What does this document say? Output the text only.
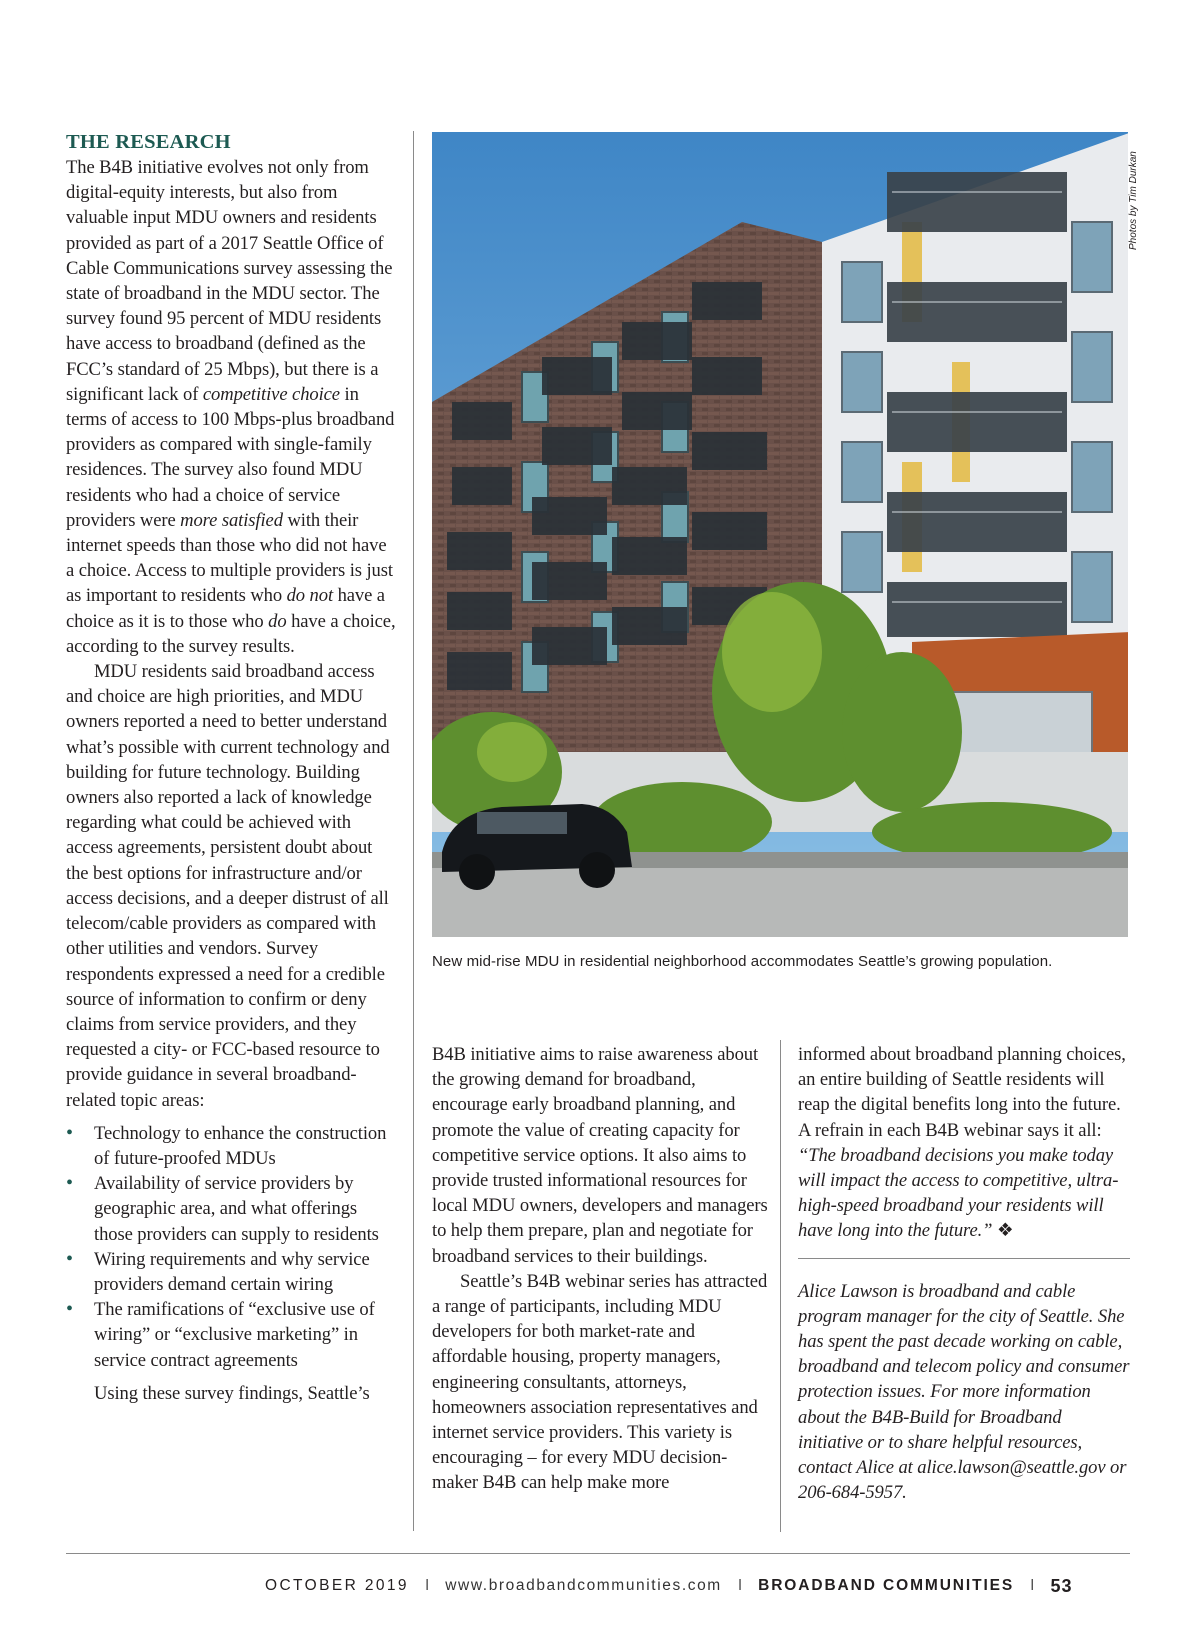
THE RESEARCH

The B4B initiative evolves not only from digital-equity interests, but also from valuable input MDU owners and residents provided as part of a 2017 Seattle Office of Cable Communications survey assessing the state of broadband in the MDU sector. The survey found 95 percent of MDU residents have access to broadband (defined as the FCC’s standard of 25 Mbps), but there is a significant lack of competitive choice in terms of access to 100 Mbps-plus broadband providers as compared with single-family residences. The survey also found MDU residents who had a choice of service providers were more satisfied with their internet speeds than those who did not have a choice. Access to multiple providers is just as important to residents who do not have a choice as it is to those who do have a choice, according to the survey results.

MDU residents said broadband access and choice are high priorities, and MDU owners reported a need to better understand what’s possible with current technology and building for future technology. Building owners also reported a lack of knowledge regarding what could be achieved with access agreements, persistent doubt about the best options for infrastructure and/or access decisions, and a deeper distrust of all telecom/cable providers as compared with other utilities and vendors. Survey respondents expressed a need for a credible source of information to confirm or deny claims from service providers, and they requested a city- or FCC-based resource to provide guidance in several broadband-related topic areas:

• Technology to enhance the construction of future-proofed MDUs
• Availability of service providers by geographic area, and what offerings those providers can supply to residents
• Wiring requirements and why service providers demand certain wiring
• The ramifications of “exclusive use of wiring” or “exclusive marketing” in service contract agreements

Using these survey findings, Seattle’s

Photos by Tim Durkan
New mid-rise MDU in residential neighborhood accommodates Seattle’s growing population.

B4B initiative aims to raise awareness about the growing demand for broadband, encourage early broadband planning, and promote the value of creating capacity for competitive service options. It also aims to provide trusted informational resources for local MDU owners, developers and managers to help them prepare, plan and negotiate for broadband services to their buildings.

Seattle’s B4B webinar series has attracted a range of participants, including MDU developers for both market-rate and affordable housing, property managers, engineering consultants, attorneys, homeowners association representatives and internet service providers. This variety is encouraging – for every MDU decision-maker B4B can help make more

informed about broadband planning choices, an entire building of Seattle residents will reap the digital benefits long into the future. A refrain in each B4B webinar says it all: “The broadband decisions you make today will impact the access to competitive, ultra-high-speed broadband your residents will have long into the future.” ❖

Alice Lawson is broadband and cable program manager for the city of Seattle. She has spent the past decade working on cable, broadband and telecom policy and consumer protection issues. For more information about the B4B-Build for Broadband initiative or to share helpful resources, contact Alice at alice.lawson@seattle.gov or 206-684-5957.

OCTOBER 2019 I www.broadbandcommunities.com I BROADBAND COMMUNITIES I 53
